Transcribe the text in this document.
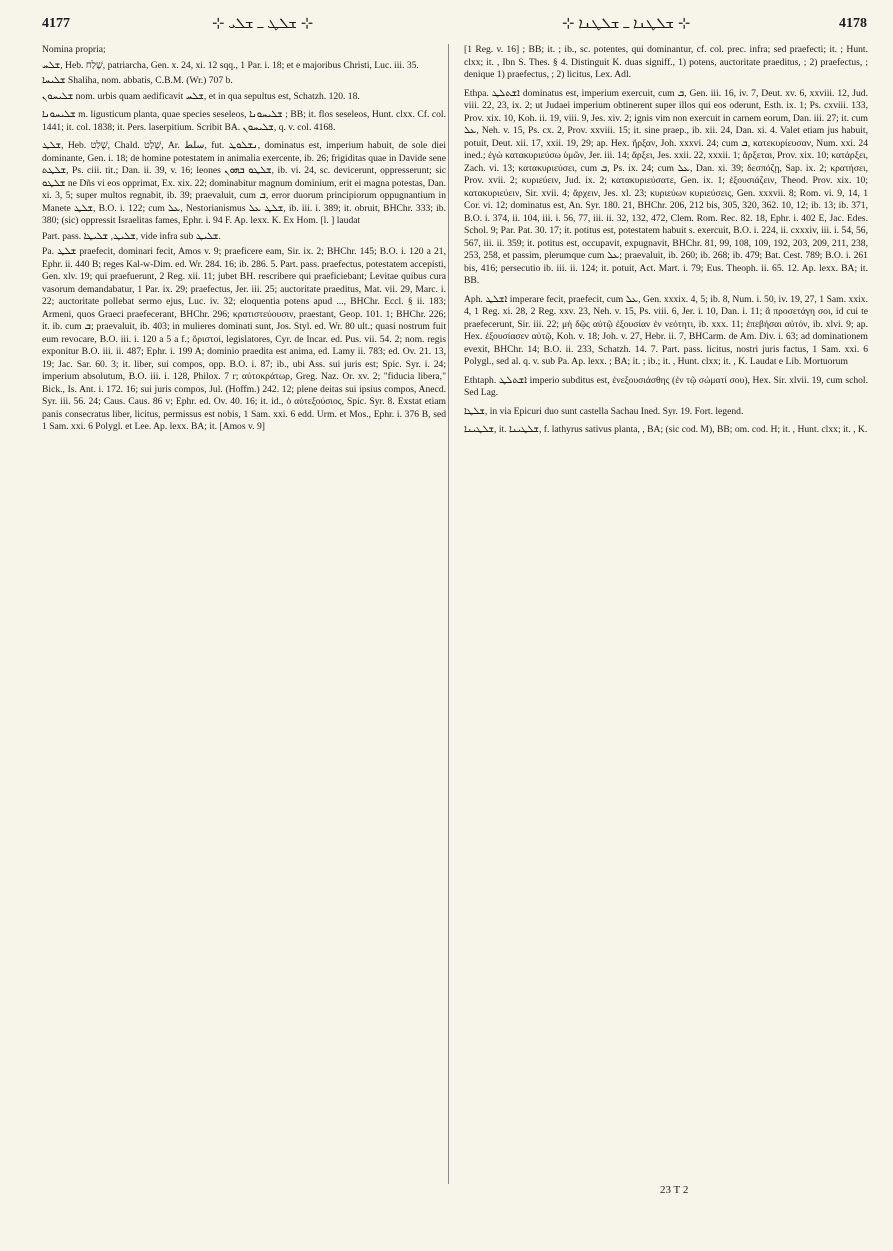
4177	⊹ ܫܠܛ ـ ܫܠܝ ⊹	⊹ ܫܠܛܢܐ ـ ܫܠܛܢܐ ⊹	4178

Nomina propria;

ܫܠܚ, Heb. שָׁלַח, patriarcha, Gen. x. 24, xi. 12 sqq., 1 Par. i. 18; et e majoribus Christi, Luc. iii. 35.

ܫܠܝܚܐ Shaliha, nom. abbatis, C.B.M. (Wr.) 707 b.

ܫܠܝܚܘܢ nom. urbis quam aedificavit ܫܠܚ, et in qua sepultus est, Schatzh. 120. 18.

ܫܠܝܚܘܢܐ m. ligusticum planta, quae species seseleos, ܫܠܝܚܘܢܐ ; BB; it. flos seseleos, Hunt. clxx. Cf. col. 1441; it. col. 1838; it. Pers. laserpitium. Scribit BA. ܫܠܝܚܘܢ, q. v. col. 4168.

ܫܠܛ, Heb. שָׁלַט, Chald. שְׁלַט, Ar. سلط, fut. ܢܫܠܘܛ, dominatus est, imperium habuit, de sole diei dominante, Gen. i. 18; de homine potestatem in animalia exercente, ib. 26; frigiditas quae in Davide sene ܫܠܛܬ, Ps. ciii. tit.; Dan. ii. 39, v. 16; leones ܫܠܛܘ ܒܗܘܢ, ib. vi. 24, sc. devicerunt, oppresserunt; sic ܫܠܛܘ ne Dñs vi eos opprimat, Ex. xix. 22; dominabitur magnum dominium, erit ei magna potestas, Dan. xi. 3, 5; super multos regnabit, ib. 39; praevaluit, cum ܒ, error duorum principiorum oppugnantium in Manete ܫܠܛ, B.O. i. 122; cum ܥܠ, Nestorianismus ܫܠܛ ܥܠ, ib. iii. i. 389; it. obruit, BHChr. 333; ib. 380; (sic) oppressit Israelitas fames, Ephr. i. 94 F. Ap. lexx. K. Ex Hom. [l. ] laudat

Part. pass. ܫܠܝܛ, ܫܠܝܛܐ, vide infra sub ܫܠܝܛ.

Pa. ܫܠܛ praefecit, dominari fecit, Amos v. 9; praeficere eam, Sir. ix. 2; BHChr. 145; B.O. i. 120 a 21, Ephr. ii. 440 B; reges Kal-w-Dim. ed. Wr. 284. 16; ib. 286. 5. Part. pass. praefectus, potestatem accepisti, Gen. xlv. 19; qui praefuerunt, 2 Reg. xii. 11; jubet BH. rescribere qui praeficiebant; Levitae quibus cura vasorum demandabatur, 1 Par. ix. 29; praefectus, Jer. iii. 25; auctoritate praeditus, Mat. vii. 29, Marc. i. 22; auctoritate pollebat sermo ejus, Luc. iv. 32; eloquentia potens apud ..., BHChr. Eccl. § ii. 183; Armeni, quos Graeci praefecerant, BHChr. 296; κρατιστεύουσιν, praestant, Geop. 101. 1; BHChr. 226; it. ib. cum ܒ; praevaluit, ib. 403; in mulieres dominati sunt, Jos. Styl. ed. Wr. 80 ult.; quasi nostrum fuit eum revocare, B.O. iii. i. 120 a 5 a f.; ὅριστοί, legislatores, Cyr. de Incar. ed. Pus. vii. 54. 2; nom. regis exponitur B.O. iii. ii. 487; Ephr. i. 199 A; dominio praedita est anima, ed. Lamy ii. 783; ed. Ov. 21. 13, 19; Jac. Sar. 60. 3; it. liber, sui compos, opp. B.O. i. 87; ib., ubi Ass. sui juris est; Spic. Syr. i. 24; imperium absolutum, B.O. iii. i. 128, Philox. 7 r; αὐτοκράτωρ, Greg. Naz. Or. xv. 2; "fiducia libera," Bick., Is. Ant. i. 172. 16; sui juris compos, Jul. (Hoffm.) 242. 12; plene deitas sui ipsius compos, Anecd. Syr. iii. 56. 24; Caus. Caus. 86 v; Ephr. ed. Ov. 40. 16; it. id., ὁ αὐτεξούσιος, Spic. Syr. 8. Exstat etiam panis consecratus liber, licitus, permissus est nobis, 1 Sam. xxi. 6 edd. Urm. et Mos., Ephr. i. 376 B, sed 1 Sam. xxi. 6 Polygl. et Lee. Ap. lexx. BA; it. [Amos v. 9]

[1 Reg. v. 16] ; BB; it. ; ib., sc. potentes, qui dominantur, cf. col. prec. infra; sed praefecti; it. ; Hunt. clxx; it. , Ibn S. Thes. § 4. Distinguit K. duas signiff., 1) potens, auctoritate praeditus, ; 2) praefectus, ; denique 1) praefectus, ; 2) licitus, Lex. Adl.

Ethpa. ܐܫܬܠܛ dominatus est, imperium exercuit, cum ܒ, Gen. iii. 16, iv. 7, Deut. xv. 6, xxviii. 12, Jud. viii. 22, 23, ix. 2; ut Judaei imperium obtinerent super illos qui eos oderunt, Esth. ix. 1; Ps. cxviii. 133, Prov. xix. 10, Koh. ii. 19, viii. 9, Jes. xiv. 2; ignis vim non exercuit in carnem eorum, Dan. iii. 27; it. cum ܥܠ, Neh. v. 15, Ps. cx. 2, Prov. xxviii. 15; it. sine praep., ib. xii. 24, Dan. xi. 4. Valet etiam jus habuit, potuit, Deut. xii. 17, xxii. 19, 29; ap. Hex. ἤρξαν, Joh. xxxvi. 24; cum ܒ, κατεκυρίευσαν, Num. xxi. 24 ined.; ἐγὼ κατακυριεύσω ὑμῶν, Jer. iii. 14; ἄρξει, Jes. xxii. 22, xxxii. 1; ἄρξεται, Prov. xix. 10; κατάρξει, Zach. vi. 13; κατακυριεύσει, cum ܒ, Ps. ix. 24; cum ܥܠ, Dan. xi. 39; δεσπόζῃ, Sap. ix. 2; κρατήσει, Prov. xvii. 2; κυριεύειν, Jud. ix. 2; κατακυριεύσατε, Gen. ix. 1; ἐξουσιάζειν, Theod. Prov. xix. 10; κατακυριεύειν, Sir. xvii. 4; ἄρχειν, Jes. xl. 23; κυριεύων κυριεύσεις, Gen. xxxvii. 8; Rom. vi. 9, 14, 1 Cor. vi. 12; dominatus est, An. Syr. 180. 21, BHChr. 206, 212 bis, 305, 320, 362. 10, 12; ib. 13; ib. 371, B.O. i. 374, ii. 104, iii. i. 56, 77, iii. ii. 32, 132, 472, Clem. Rom. Rec. 82. 18, Ephr. i. 402 E, Jac. Edes. Schol. 9; Par. Pat. 30. 17; it. potitus est, potestatem habuit s. exercuit, B.O. i. 224, ii. cxxxiv, iii. i. 54, 56, 567, iii. ii. 359; it. potitus est, occupavit, expugnavit, BHChr. 81, 99, 108, 109, 192, 203, 209, 211, 238, 253, 258, et passim, plerumque cum ܥܠ; praevaluit, ib. 260; ib. 268; ib. 479; Bat. Cest. 789; B.O. i. 261 bis, 416; persecutio ib. iii. ii. 124; it. potuit, Act. Mart. i. 79; Eus. Theoph. ii. 65. 12. Ap. lexx. BA; it. BB.

Aph. ܐܫܠܛ imperare fecit, praefecit, cum ܥܠ, Gen. xxxix. 4, 5; ib. 8, Num. i. 50, iv. 19, 27, 1 Sam. xxix. 4, 1 Reg. xi. 28, 2 Reg. xxv. 23, Neh. v. 15, Ps. viii. 6, Jer. i. 10, Dan. i. 11; ἃ προσετάγη σοι, id cui te praefecerunt, Sir. iii. 22; μὴ δῷς αὐτῷ ἐξουσίαν ἐν νεότητι, ib. xxx. 11; ἐπεβήσαι αὐτόν, ib. xlvi. 9; ap. Hex. ἐξουσίασεν αὐτῷ, Koh. v. 18; Joh. v. 27, Hebr. ii. 7, BHCarm. de Am. Div. i. 63; ad dominationem evexit, BHChr. 14; B.O. ii. 233, Schatzh. 14. 7. Part. pass. licitus, nostri juris factus, 1 Sam. xxi. 6 Polygl., sed al. q. v. sub Pa. Ap. lexx. ; BA; it. ; ib.; it. , Hunt. clxx; it. , K. Laudat e Lib. Mortuorum

Ethtaph. ܐܫܬܠܛ imperio subditus est, ἐνεξουσιάσθης (ἐν τῷ σώματί σου), Hex. Sir. xlvii. 19, cum schol. Sed Lag.

ܫܠܛܐ, in via Epicuri duo sunt castella Sachau Ined. Syr. 19. Fort. legend.

ܫܠܛܝܢܐ, it. ܫܠܛܝܢܐ, f. lathyrus sativus planta, , BA; (sic cod. M), BB; om. cod. H; it. , Hunt. clxx; it. , K.

23 T 2
